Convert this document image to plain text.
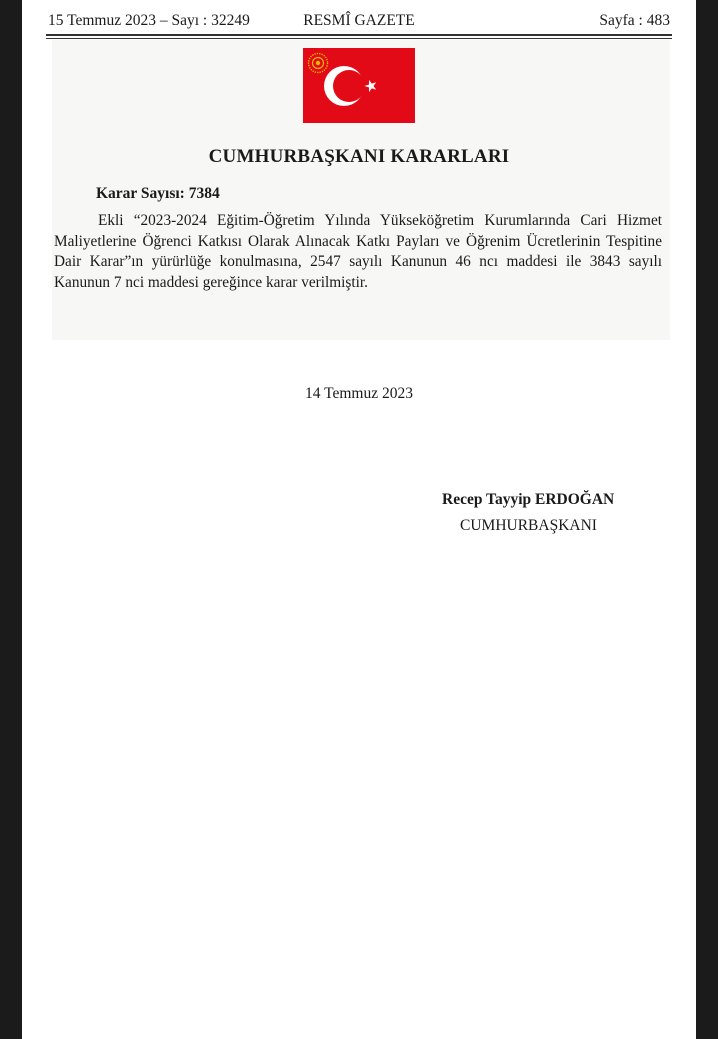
15 Temmuz 2023 – Sayı : 32249	RESMÎ GAZETE	Sayfa : 483
CUMHURBAŞKANI KARARLARI
Karar Sayısı: 7384
Ekli “2023-2024 Eğitim-Öğretim Yılında Yükseköğretim Kurumlarında Cari Hizmet Maliyetlerine Öğrenci Katkısı Olarak Alınacak Katkı Payları ve Öğrenim Ücretlerinin Tespitine Dair Karar”ın yürürlüğe konulmasına, 2547 sayılı Kanunun 46 ncı maddesi ile 3843 sayılı Kanunun 7 nci maddesi gereğince karar verilmiştir.
14 Temmuz 2023
Recep Tayyip ERDOĞAN
CUMHURBAŞKANI
